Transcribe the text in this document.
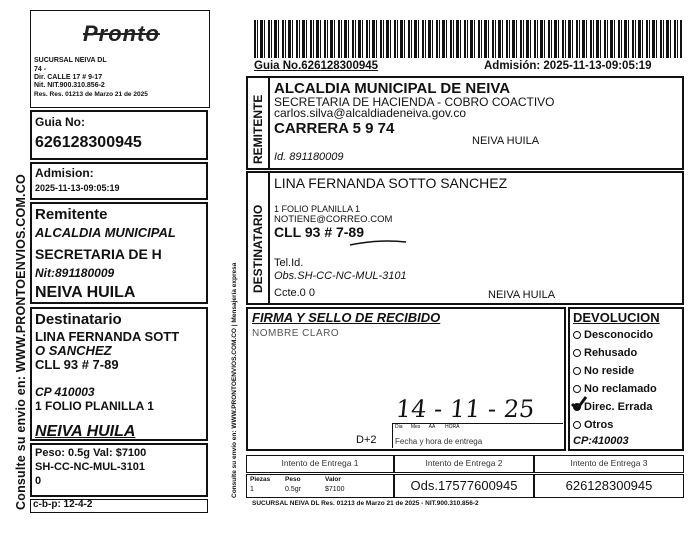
Consulte su envio en: WWW.PRONTOENVIOS.COM.CO
Pronto
SUCURSAL NEIVA DL
74 -
Dir. CALLE 17 # 9-17
Nit. NIT.900.310.856-2
Res. Res. 01213 de Marzo 21 de 2025
Guia No:
626128300945
Admision:
2025-11-13-09:05:19
Remitente
ALCALDIA MUNICIPAL
SECRETARIA DE H
Nit:891180009
NEIVA HUILA
Destinatario
LINA FERNANDA SOTT
O SANCHEZ
CLL 93 # 7-89
CP 410003
1 FOLIO PLANILLA 1
NEIVA HUILA
Peso: 0.5g Val: $7100
SH-CC-NC-MUL-3101
0
c-b-p: 12-4-2
Guia No.626128300945	Admisión: 2025-11-13-09:05:19
Consulte su envío en: WWW.PRONTOENVIOS.COM.CO | Mensajería expresa
REMITENTE
ALCALDIA MUNICIPAL DE NEIVA
SECRETARIA DE HACIENDA - COBRO COACTIVO
carlos.silva@alcaldiadeneiva.gov.co
CARRERA 5 9 74
NEIVA HUILA
Id. 891180009
DESTINATARIO
LINA FERNANDA SOTTO SANCHEZ
1 FOLIO PLANILLA 1
NOTIENE@CORREO.COM
CLL 93 # 7-89
Tel.Id.
Obs.SH-CC-NC-MUL-3101
Ccte.0 0	NEIVA HUILA
FIRMA Y SELLO DE RECIBIDO
NOMBRE CLARO
14 - 11 - 25
D+2
Dia      Mes      AA       HORA
Fecha y hora de entrega
DEVOLUCION
Desconocido
Rehusado
No reside
No reclamado
Direc. Errada
Otros
CP:410003
Intento de Entrega 1	Intento de Entrega 2	Intento de Entrega 3
Piezas
1
Peso
0.5gr
Valor
$7100	Ods.17577600945	626128300945
SUCURSAL NEIVA DL Res. 01213 de Marzo 21 de 2025 - NIT.900.310.856-2
